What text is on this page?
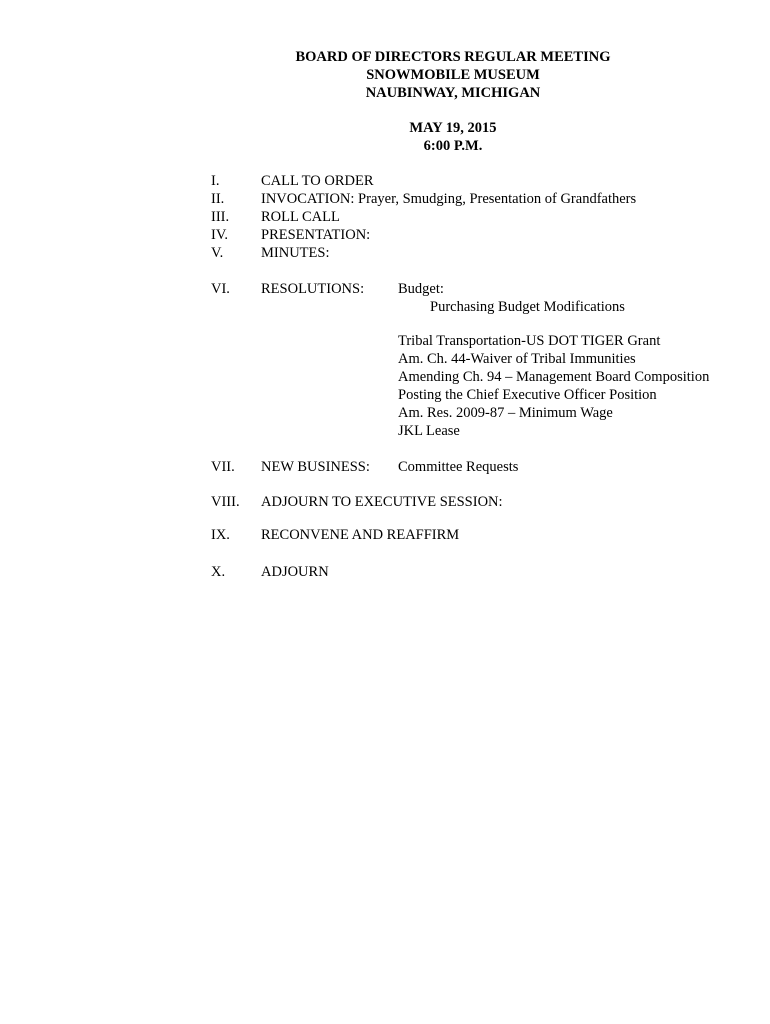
BOARD OF DIRECTORS REGULAR MEETING
SNOWMOBILE MUSEUM
NAUBINWAY, MICHIGAN
MAY 19, 2015
6:00 P.M.
I.	CALL TO ORDER
II.	INVOCATION: Prayer, Smudging, Presentation of Grandfathers
III. ROLL CALL
IV. PRESENTATION:
V.	MINUTES:
VI. RESOLUTIONS: Budget:
Purchasing Budget Modifications
Tribal Transportation-US DOT TIGER Grant
Am. Ch. 44-Waiver of Tribal Immunities
Amending Ch. 94 – Management Board Composition
Posting the Chief Executive Officer Position
Am. Res. 2009-87 – Minimum Wage
JKL Lease
VII. NEW BUSINESS: Committee Requests
VIII. ADJOURN TO EXECUTIVE SESSION:
IX. RECONVENE AND REAFFIRM
X. ADJOURN
